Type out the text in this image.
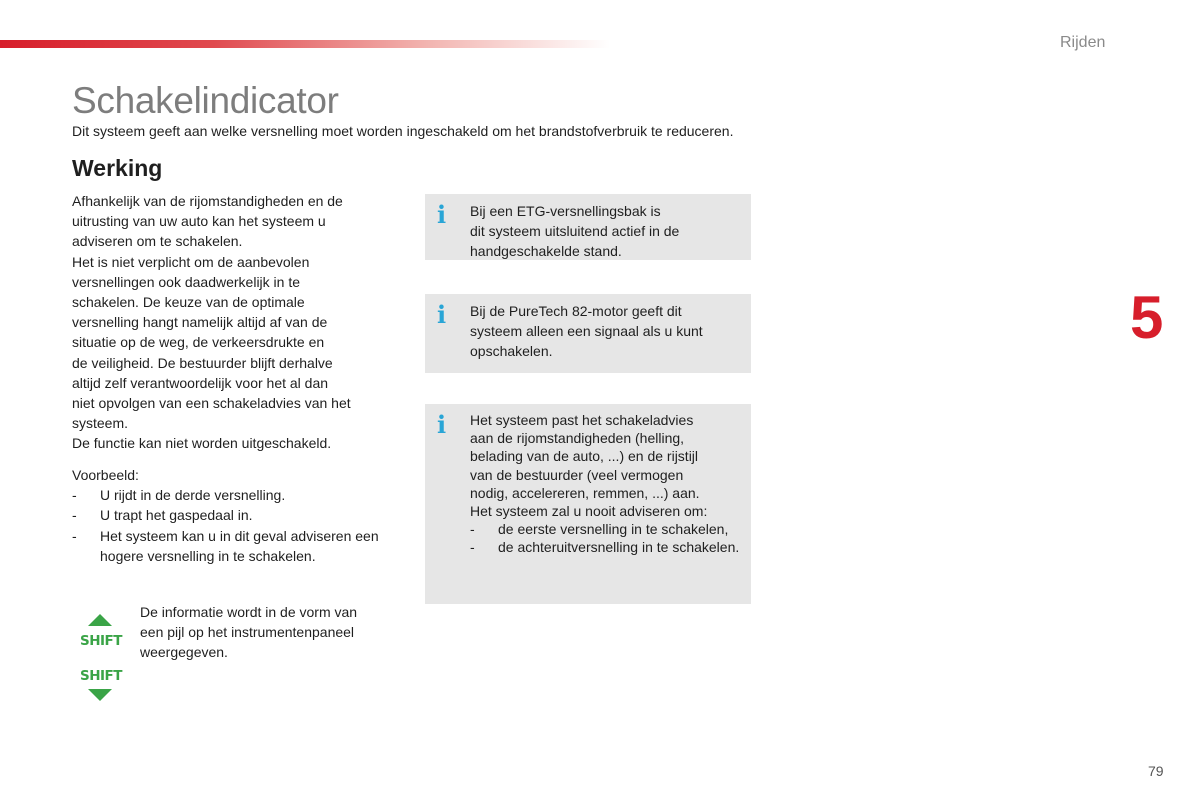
Rijden
Schakelindicator
Dit systeem geeft aan welke versnelling moet worden ingeschakeld om het brandstofverbruik te reduceren.
Werking

Afhankelijk van de rijomstandigheden en de
uitrusting van uw auto kan het systeem u
adviseren om te schakelen.
Het is niet verplicht om de aanbevolen
versnellingen ook daadwerkelijk in te
schakelen. De keuze van de optimale
versnelling hangt namelijk altijd af van de
situatie op de weg, de verkeersdrukte en
de veiligheid. De bestuurder blijft derhalve
altijd zelf verantwoordelijk voor het al dan
niet opvolgen van een schakeladvies van het
systeem.
De functie kan niet worden uitgeschakeld.

Voorbeeld:
- U rijdt in de derde versnelling.
- U trapt het gaspedaal in.
- Het systeem kan u in dit geval adviseren een hogere versnelling in te schakelen.
SHIFT
SHIFT

De informatie wordt in de vorm van
een pijl op het instrumentenpaneel
weergegeven.

i Bij een ETG-versnellingsbak is
dit systeem uitsluitend actief in de
handgeschakelde stand.
i Bij de PureTech 82-motor geeft dit
systeem alleen een signaal als u kunt
opschakelen.
i Het systeem past het schakeladvies
aan de rijomstandigheden (helling,
belading van de auto, ...) en de rijstijl
van de bestuurder (veel vermogen
nodig, accelereren, remmen, ...) aan.
Het systeem zal u nooit adviseren om:
- de eerste versnelling in te schakelen,
- de achteruitversnelling in te schakelen.
5
79
